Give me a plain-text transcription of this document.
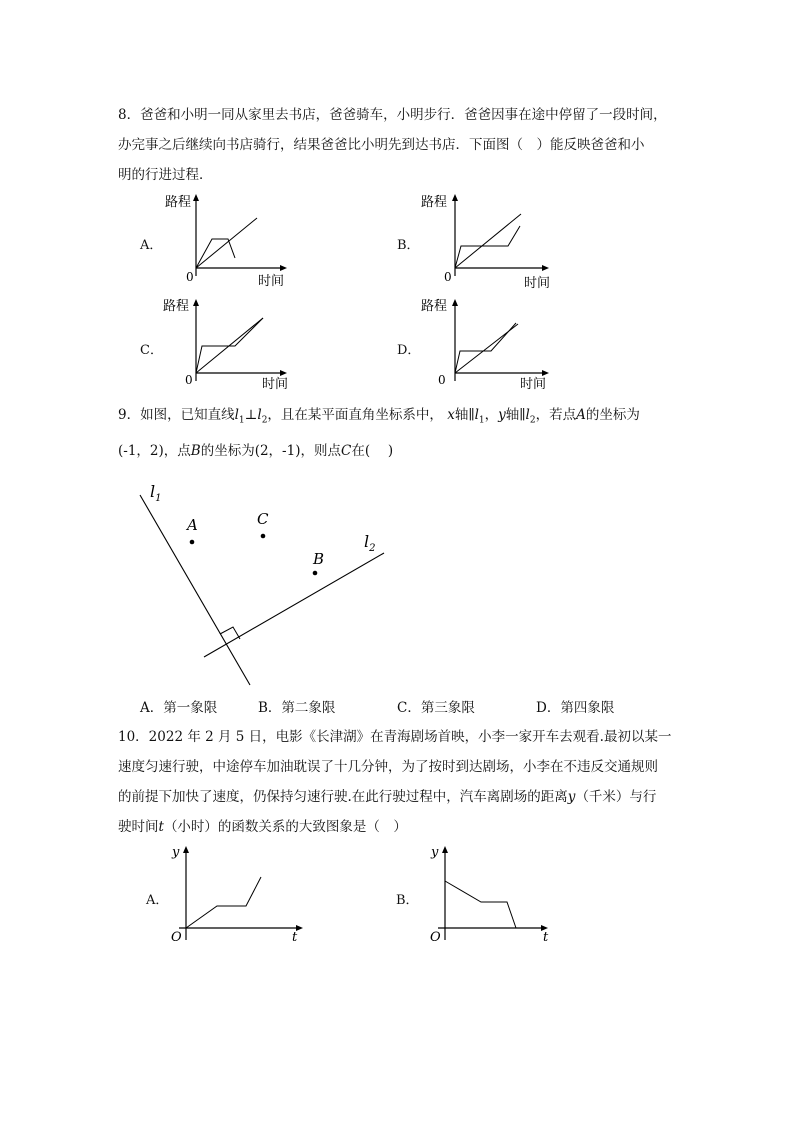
8．爸爸和小明一同从家里去书店，爸爸骑车，小明步行．爸爸因事在途中停留了一段时间，
办完事之后继续向书店骑行，结果爸爸比小明先到达书店．下面图（　）能反映爸爸和小
明的行进过程．
A．
路程
0	时间
B．
路程
0	时间
C．
路程
0	时间
D．
路程
0	时间
9．如图，已知直线$l_1\perp l_2$，且在某平面直角坐标系中， x轴$\parallel l_1$，y轴$\parallel l_2$，若点A的坐标为
(-1，2)，点B的坐标为(2，-1)，则点C在(　 )
$l_1$
$l_2$
A	C
B
A．第一象限	B．第二象限	C．第三象限	D．第四象限
10．2022 年 2 月 5 日，电影《长津湖》在青海剧场首映，小李一家开车去观看.最初以某一
速度匀速行驶，中途停车加油耽误了十几分钟，为了按时到达剧场，小李在不违反交通规则
的前提下加快了速度，仍保持匀速行驶.在此行驶过程中，汽车离剧场的距离y（千米）与行
驶时间t（小时）的函数关系的大致图象是（　）
A．
y
O	t
B．
y
O	t
